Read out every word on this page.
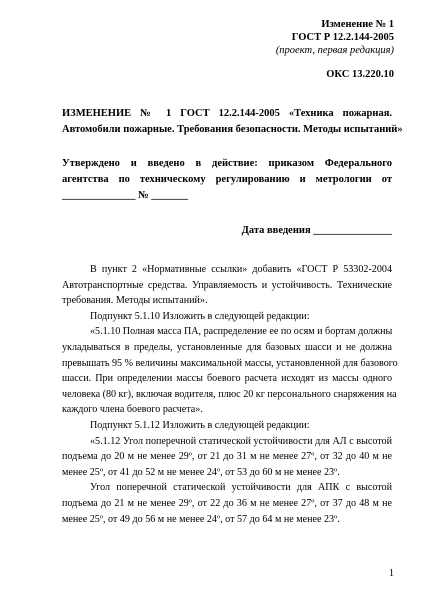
Изменение № 1
ГОСТ Р 12.2.144-2005
(проект, первая редакция)
ОКС 13.220.10
ИЗМЕНЕНИЕ № 1 ГОСТ 12.2.144-2005 «Техника пожарная.
Автомобили пожарные. Требования безопасности. Методы испытаний»
Утверждено и введено в действие: приказом Федерального
агентства по техническому регулированию и метрологии от
______________ № _______
Дата введения _______________
В пункт 2 «Нормативные ссылки» добавить «ГОСТ Р 53302-2004
Автотранспортные средства. Управляемость и устойчивость. Технические
требования. Методы испытаний».
Подпункт 5.1.10 Изложить в следующей редакции:
«5.1.10 Полная масса ПА, распределение ее по осям и бортам должны
укладываться в пределы, установленные для базовых шасси и не должна
превышать 95 % величины максимальной массы, установленной для базового
шасси. При определении массы боевого расчета исходят из массы одного
человека (80 кг), включая водителя, плюс 20 кг персонального снаряжения на
каждого члена боевого расчета».
Подпункт 5.1.12 Изложить в следующей редакции:
«5.1.12 Угол поперечной статической устойчивости для АЛ с высотой
подъема до 20 м не менее 29º, от 21 до 31 м не менее 27º, от 32 до 40 м не
менее 25º, от 41 до 52 м не менее 24º, от 53 до 60 м не менее 23º.
Угол поперечной статической устойчивости для АПК с высотой
подъема до 21 м не менее 29º, от 22 до 36 м не менее 27º, от 37 до 48 м не
менее 25º, от 49 до 56 м не менее 24º, от 57 до 64 м не менее 23º.
1
